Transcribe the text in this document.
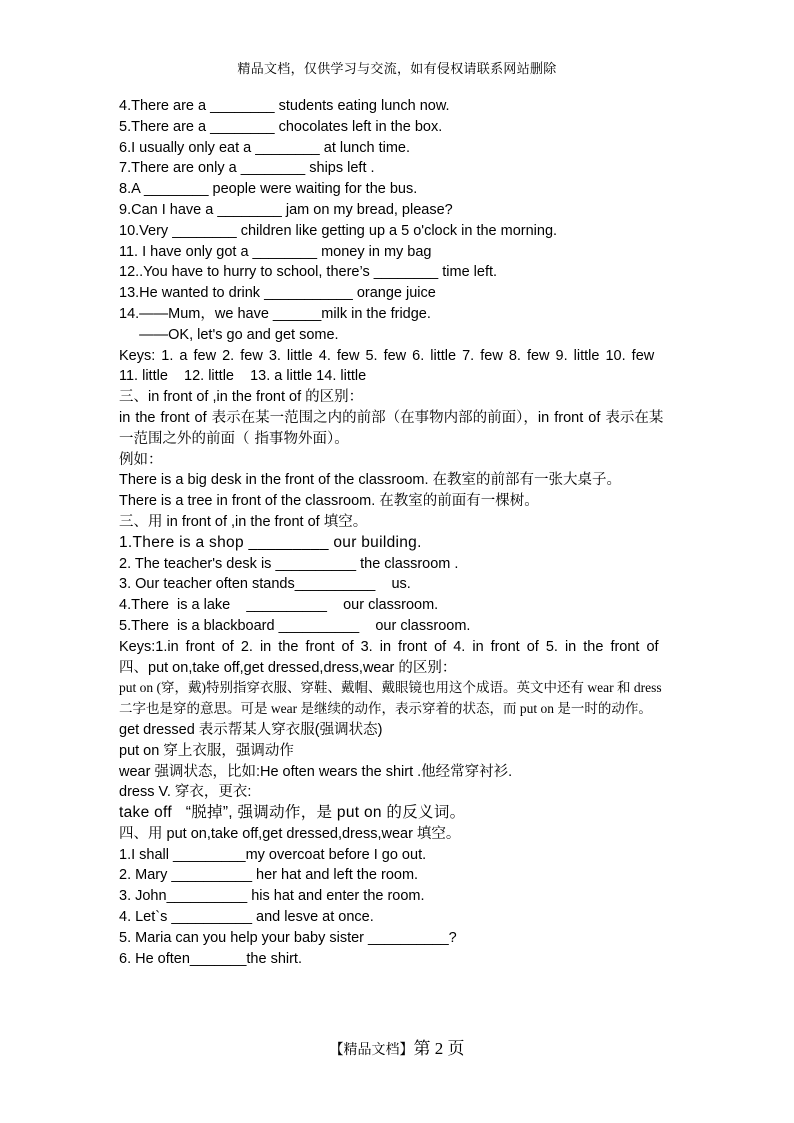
精品文档，仅供学习与交流，如有侵权请联系网站删除

4.There are a ________ students eating lunch now.

5.There are a ________ chocolates left in the box.

6.I usually only eat a ________ at lunch time.

7.There are only a ________ ships left .

8.A ________ people were waiting for the bus.

9.Can I have a ________ jam on my bread, please?

10.Very ________ children like getting up a 5 o'clock in the morning.

11. I have only got a ________ money in my bag

12..You have to hurry to school, there’s ________ time left.

13.He wanted to drink ___________ orange juice

14.——Mum，we have ______milk in the fridge.

——OK, let's go and get some.

Keys: 1. a few 2. few 3. little 4. few 5. few 6. little 7. few 8. few 9. little 10. few

11. little    12. little    13. a little 14. little

三、in front of ,in the front of 的区别：

in the front of 表示在某一范围之内的前部（在事物内部的前面），in front of 表示在某一范围之外的前面（ 指事物外面）。

例如：

There is a big desk in the front of the classroom. 在教室的前部有一张大桌子。

There is a tree in front of the classroom. 在教室的前面有一棵树。

三、用 in front of ,in the front of 填空。

1.There is a shop _________ our building.

2. The teacher's desk is __________ the classroom .

3. Our teacher often stands__________    us.

4.There  is a lake    __________    our classroom.

5.There  is a blackboard __________    our classroom.

Keys:1.in front of 2. in the front of 3. in front of 4. in front of 5. in the front of

四、put on,take off,get dressed,dress,wear 的区别：

put on (穿，戴)特别指穿衣服、穿鞋、戴帽、戴眼镜也用这个成语。英文中还有 wear 和 dress 二字也是穿的意思。可是 wear 是继续的动作，表示穿着的状态，而 put on 是一时的动作。

get dressed 表示帮某人穿衣服(强调状态)

put on 穿上衣服，强调动作

wear 强调状态，比如:He often wears the shirt .他经常穿衬衫.

dress V. 穿衣，更衣:

take off   “脱掉”, 强调动作，是 put on 的反义词。

四、用 put on,take off,get dressed,dress,wear 填空。

1.I shall _________my overcoat before I go out.

2. Mary __________ her hat and left the room.

3. John__________ his hat and enter the room.

4. Let`s __________ and lesve at once.

5. Maria can you help your baby sister __________?

6. He often_______the shirt.

【精品文档】第 2 页
